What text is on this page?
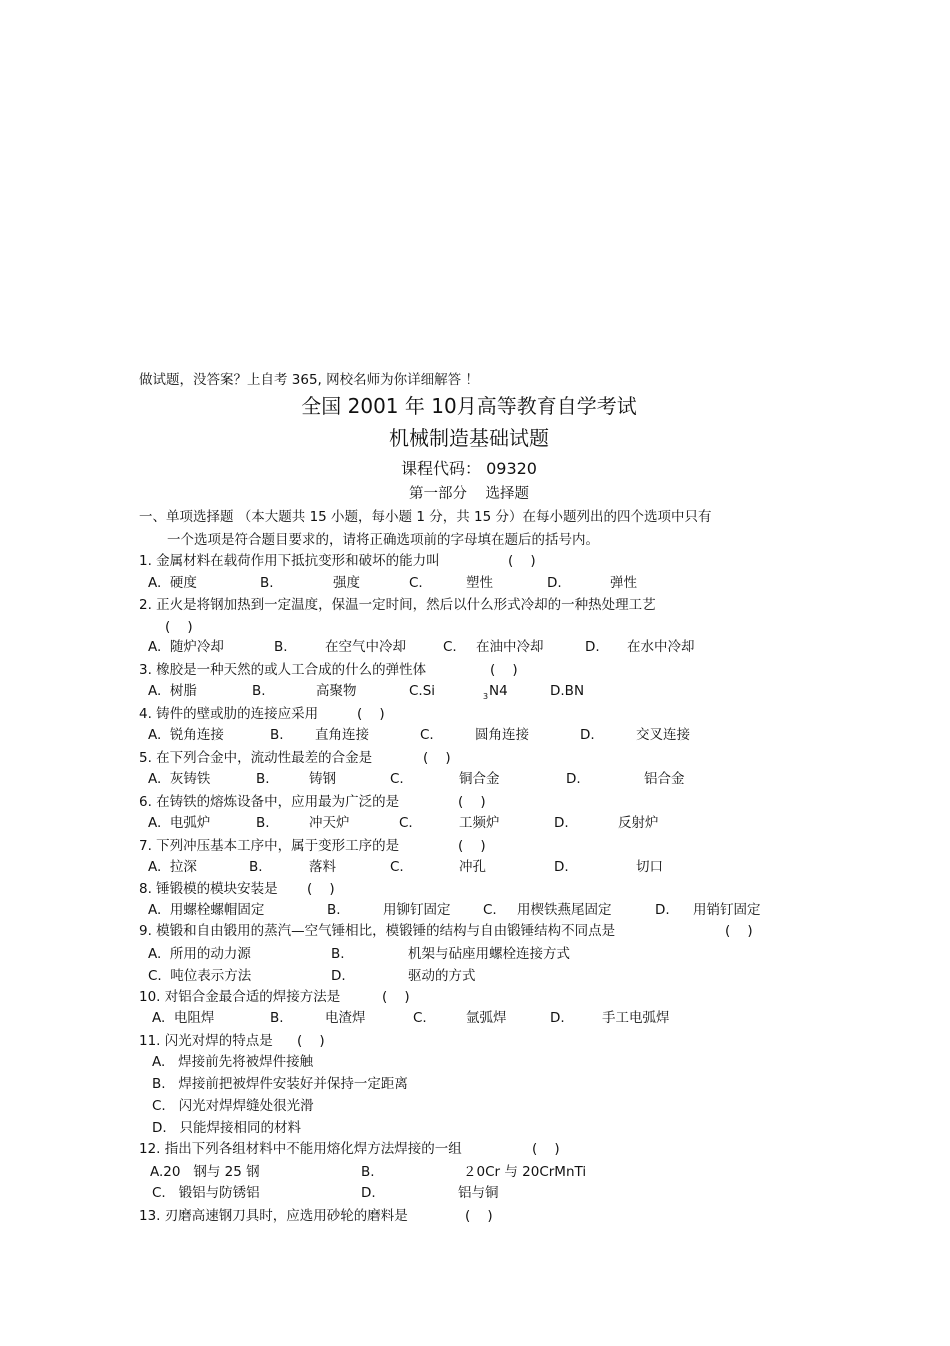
做试题，没答案？上自考 365, 网校名师为你详细解答 ！
全国 2001 年 10月高等教育自学考试
机械制造基础试题
课程代码： 09320
第一部分    选择题
一、单项选择题 （本大题共 15 小题，每小题 1 分，共 15 分）在每小题列出的四个选项中只有
一个选项是符合题目要求的，请将正确选项前的字母填在题后的括号内。
1. 金属材料在载荷作用下抵抗变形和破坏的能力叫	(    )
A.  硬度	B.	强度	C.	塑性	D.	弹性
2. 正火是将钢加热到一定温度，保温一定时间，然后以什么形式冷却的一种热处理工艺
(    )
A.  随炉冷却	B.	在空气中冷却	C. 在油中冷却	D. 在水中冷却
3. 橡胶是一种天然的或人工合成的什么的弹性体	(    )
A.  树脂	B.	高聚物	C.Si	3 N4	D.BN
4. 铸件的壁或肋的连接应采用	(    )
A.  锐角连接	B. 直角连接	C.	圆角连接	D.	交叉连接
5. 在下列合金中，流动性最差的合金是	(    )
A.  灰铸铁	B.	铸钢	C.	铜合金	D.	铝合金
6. 在铸铁的熔炼设备中，应用最为广泛的是	(    )
A.  电弧炉	B.	冲天炉	C.	工频炉	D.	反射炉
7. 下列冲压基本工序中，属于变形工序的是	(    )
A.  拉深	B.	落料	C.	冲孔	D.	切口
8. 锤锻模的模块安装是 (    )
A.  用螺栓螺帽固定	B.	用铆钉固定 C. 用楔铁燕尾固定	D. 用销钉固定
9. 模锻和自由锻用的蒸汽—空气锤相比，模锻锤的结构与自由锻锤结构不同点是	(    )
A.  所用的动力源	B.	机架与砧座用螺栓连接方式
C.  吨位表示方法	D.	驱动的方式
10. 对铝合金最合适的焊接方法是	(    )
A.  电阻焊	B.	电渣焊	C.	氩弧焊	D.	手工电弧焊
11. 闪光对焊的特点是 (    )
A.   焊接前先将被焊件接触
B.   焊接前把被焊件安装好并保持一定距离
C.   闪光对焊焊缝处很光滑
D.   只能焊接相同的材料
12. 指出下列各组材料中不能用熔化焊方法焊接的一组	(    )
A.20   钢与 25 钢	B.	２0Cr 与 20CrMnTi
C.   锻铝与防锈铝	D.	铝与铜
13. 刃磨高速钢刀具时，应选用砂轮的磨料是	(    )
